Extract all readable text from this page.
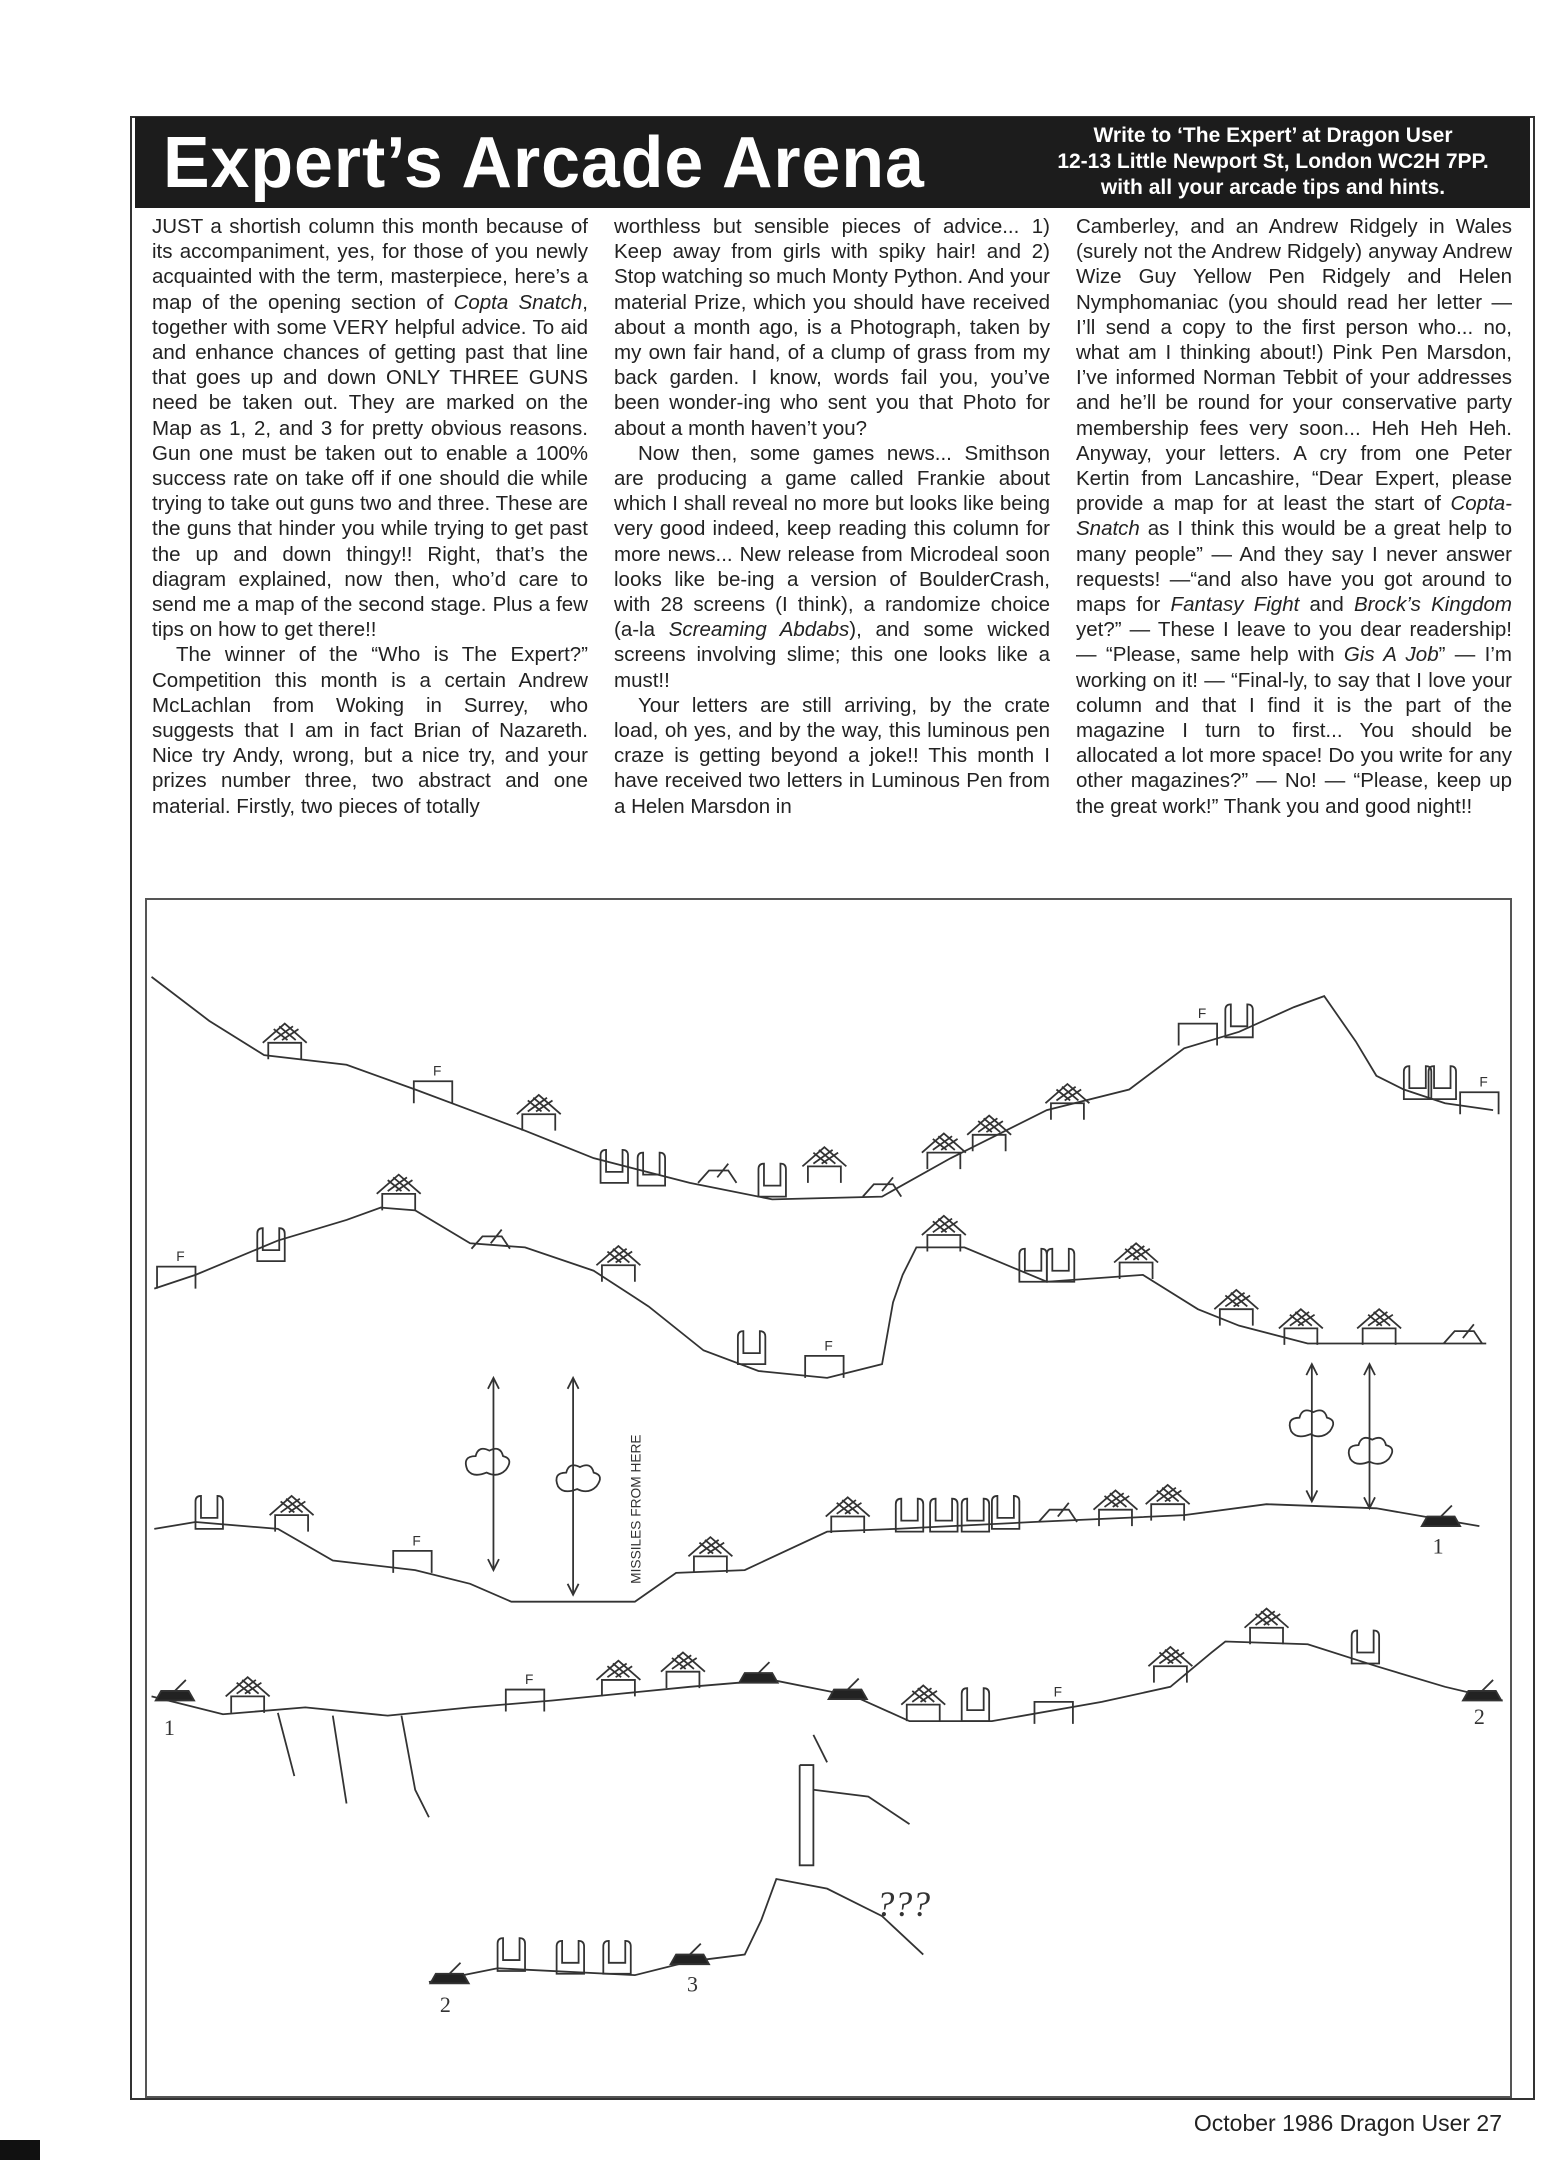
Expert’s Arcade Arena	Write to ‘The Expert’ at Dragon User
12-13 Little Newport St, London WC2H 7PP.
with all your arcade tips and hints.

JUST a shortish column this month because of its accompaniment, yes, for those of you newly acquainted with the term, masterpiece, here’s a map of the opening section of Copta Snatch, together with some VERY helpful advice. To aid and enhance chances of getting past that line that goes up and down ONLY THREE GUNS need be taken out. They are marked on the Map as 1, 2, and 3 for pretty obvious reasons. Gun one must be taken out to enable a 100% success rate on take off if one should die while trying to take out guns two and three. These are the guns that hinder you while trying to get past the up and down thingy!! Right, that’s the diagram explained, now then, who’d care to send me a map of the second stage. Plus a few tips on how to get there!!

The winner of the “Who is The Expert?” Competition this month is a certain Andrew McLachlan from Woking in Surrey, who suggests that I am in fact Brian of Nazareth. Nice try Andy, wrong, but a nice try, and your prizes number three, two abstract and one material. Firstly, two pieces of totally

worthless but sensible pieces of advice... 1) Keep away from girls with spiky hair! and 2) Stop watching so much Monty Python. And your material Prize, which you should have received about a month ago, is a Photograph, taken by my own fair hand, of a clump of grass from my back garden. I know, words fail you, you’ve been wonder-ing who sent you that Photo for about a month haven’t you?

Now then, some games news... Smithson are producing a game called Frankie about which I shall reveal no more but looks like being very good indeed, keep reading this column for more news... New release from Microdeal soon looks like be-ing a version of BoulderCrash, with 28 screens (I think), a randomize choice (a-la Screaming Abdabs), and some wicked screens involving slime; this one looks like a must!!

Your letters are still arriving, by the crate load, oh yes, and by the way, this luminous pen craze is getting beyond a joke!! This month I have received two letters in Luminous Pen from a Helen Marsdon in

Camberley, and an Andrew Ridgely in Wales (surely not the Andrew Ridgely) anyway Andrew Wize Guy Yellow Pen Ridgely and Helen Nymphomaniac (you should read her letter — I’ll send a copy to the first person who... no, what am I thinking about!) Pink Pen Marsdon, I’ve informed Norman Tebbit of your addresses and he’ll be round for your conservative party membership fees very soon... Heh Heh Heh. Anyway, your letters. A cry from one Peter Kertin from Lancashire, “Dear Expert, please provide a map for at least the start of Copta-Snatch as I think this would be a great help to many people” — And they say I never answer requests! —“and also have you got around to maps for Fantasy Fight and Brock’s Kingdom yet?” — These I leave to you dear readership! — “Please, same help with Gis A Job” — I’m working on it! — “Final-ly, to say that I love your column and that I find it is the part of the magazine I turn to first... You should be allocated a lot more space! Do you write for any other magazines?” — No! — “Please, keep up the great work!” Thank you and good night!!

F
F
F
F
F
F
F
F
MISSILES FROM HERE	1
1	2
2
3
???
October 1986 Dragon User 27
